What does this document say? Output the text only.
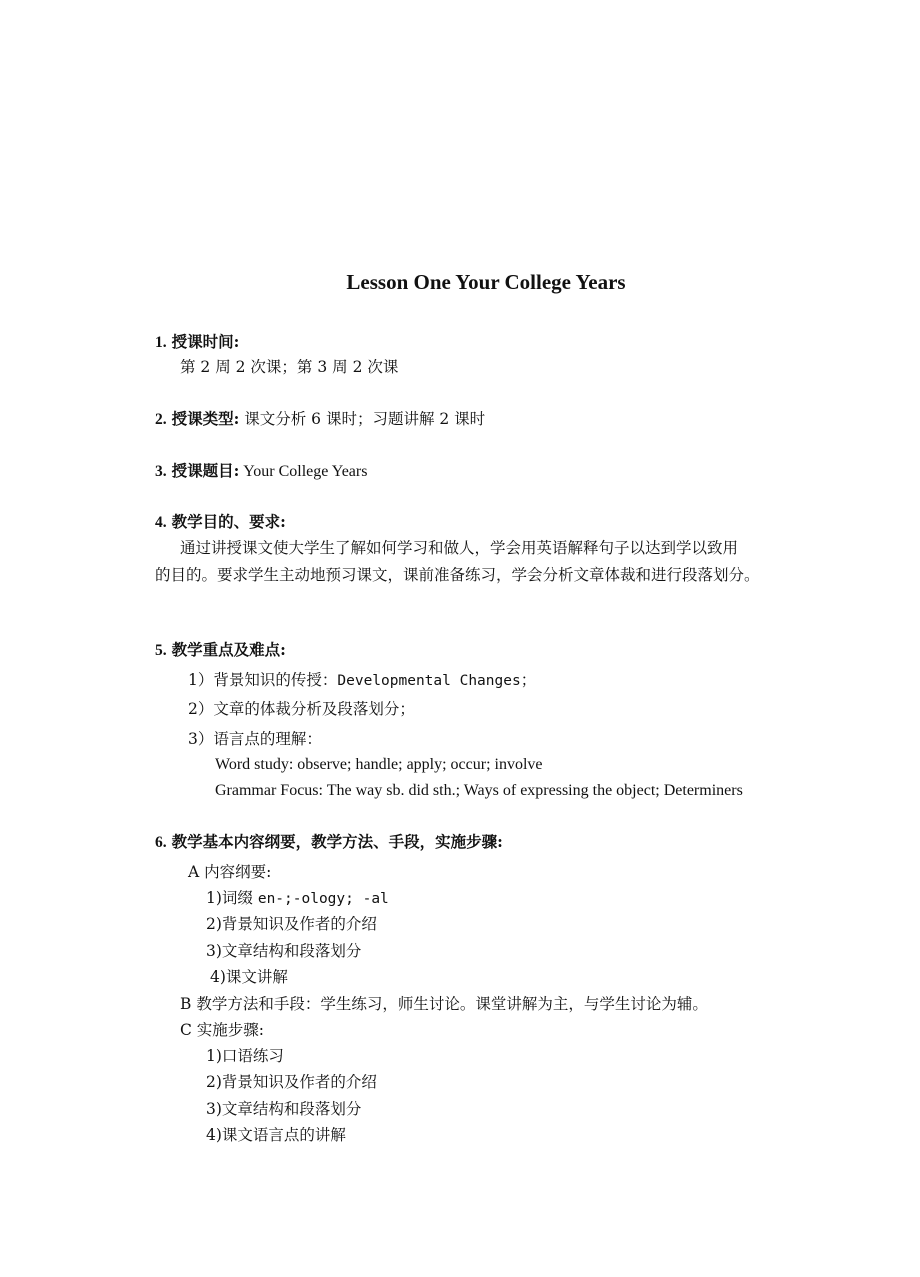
Lesson One Your College Years
1. 授课时间:
第 2 周 2 次课；第 3 周 2 次课
2. 授课类型: 课文分析 6 课时；习题讲解 2 课时
3. 授课题目: Your College Years
4. 教学目的、要求:
通过讲授课文使大学生了解如何学习和做人，学会用英语解释句子以达到学以致用
的目的。要求学生主动地预习课文，课前准备练习，学会分析文章体裁和进行段落划分。
5. 教学重点及难点:
1）背景知识的传授：Developmental Changes；
2）文章的体裁分析及段落划分；
3）语言点的理解：
Word study: observe; handle; apply; occur; involve
Grammar Focus: The way sb. did sth.; Ways of expressing the object; Determiners
6. 教学基本内容纲要，教学方法、手段，实施步骤:
A 内容纲要:
1)词缀 en-;-ology; -al
2)背景知识及作者的介绍
3)文章结构和段落划分
4)课文讲解
B 教学方法和手段：学生练习，师生讨论。课堂讲解为主，与学生讨论为辅。
C 实施步骤:
1)口语练习
2)背景知识及作者的介绍
3)文章结构和段落划分
4)课文语言点的讲解
